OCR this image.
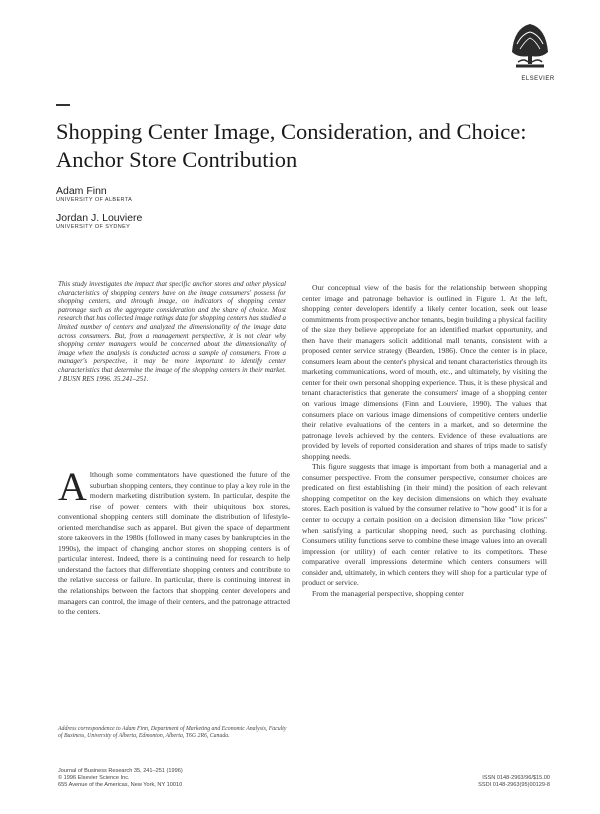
ELSEVIER
Shopping Center Image, Consideration, and Choice: Anchor Store Contribution
Adam Finn
UNIVERSITY OF ALBERTA
Jordan J. Louviere
UNIVERSITY OF SYDNEY
This study investigates the impact that specific anchor stores and other physical characteristics of shopping centers have on the image consumers' possess for shopping centers, and through image, on indicators of shopping center patronage such as the aggregate consideration and the share of choice. Most research that has collected image ratings data for shopping centers has studied a limited number of centers and analyzed the dimensionality of the image data across consumers. But, from a management perspective, it is not clear why shopping center managers would be concerned about the dimensionality of image when the analysis is conducted across a sample of consumers. From a manager's perspective, it may be more important to identify center characteristics that determine the image of the shopping centers in their market. J BUSN RES 1996. 35.241–251.

Although some commentators have questioned the future of the suburban shopping centers, they continue to play a key role in the modern marketing distribution system. In particular, despite the rise of power centers with their ubiquitous box stores, conventional shopping centers still dominate the distribution of lifestyle-oriented merchandise such as apparel. But given the space of department store takeovers in the 1980s (followed in many cases by bankruptcies in the 1990s), the impact of changing anchor stores on shopping centers is of particular interest. Indeed, there is a continuing need for research to help understand the factors that differentiate shopping centers and contribute to the relative success or failure. In particular, there is continuing interest in the relationships between the factors that shopping center developers and managers can control, the image of their centers, and the patronage attracted to the centers.

Address correspondence to Adam Finn, Department of Marketing and Economic Analysis, Faculty of Business, University of Alberta, Edmonton, Alberta, T6G 2R6, Canada.

Our conceptual view of the basis for the relationship between shopping center image and patronage behavior is outlined in Figure 1. At the left, shopping center developers identify a likely center location, seek out lease commitments from prospective anchor tenants, begin building a physical facility of the size they believe appropriate for an identified market opportunity, and then have their managers solicit additional mall tenants, consistent with a proposed center service strategy (Bearden, 1986). Once the center is in place, consumers learn about the center's physical and tenant characteristics through its marketing communications, word of mouth, etc., and ultimately, by visiting the center for their own personal shopping experience. Thus, it is these physical and tenant characteristics that generate the consumers' image of a shopping center on various image dimensions (Finn and Louviere, 1990). The values that consumers place on various image dimensions of competitive centers underlie their relative evaluations of the centers in a market, and so determine the patronage levels achieved by the centers. Evidence of these evaluations are provided by levels of reported consideration and shares of trips made to satisfy shopping needs.

This figure suggests that image is important from both a managerial and a consumer perspective. From the consumer perspective, consumer choices are predicated on first establishing (in their mind) the position of each relevant shopping competitor on the key decision dimensions on which they evaluate stores. Each position is valued by the consumer relative to "how good" it is for a center to occupy a certain position on a decision dimension like "low prices" when satisfying a particular shopping need, such as purchasing clothing. Consumers utility functions serve to combine these image values into an overall impression (or utility) of each center relative to its competitors. These comparative overall impressions determine which centers consumers will consider and, ultimately, in which centers they will shop for a particular type of product or service.

From the managerial perspective, shopping center

Journal of Business Research 35, 241–251 (1996)
© 1996 Elsevier Science Inc.
655 Avenue of the Americas, New York, NY 10010
ISSN 0148-2963/96/$15.00
SSDI 0148-2963(95)00129-8
